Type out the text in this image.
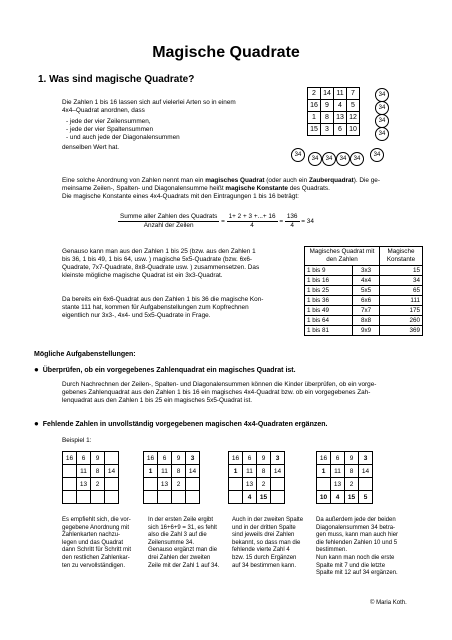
Magische Quadrate
1. Was sind magische Quadrate?
Die Zahlen 1 bis 16 lassen sich auf vielerlei Arten so in einem
4x4–Quadrat anordnen, dass
- jede der vier Zeilensummen,
- jede der vier Spaltensummen
- und auch jede der Diagonalensummen
denselben Wert hat.
2	14	11	7
16	9	4	5
1	8	13	12
15	3	6	10
34
34
34
34
34
34	34	34	34
34
Eine solche Anordnung von Zahlen nennt man ein magisches Quadrat (oder auch ein Zauberquadrat). Die ge-
meinsame Zeilen-, Spalten- und Diagonalensumme heißt magische Konstante des Quadrats.
Die magische Konstante eines 4x4-Quadrats mit den Eintragungen 1 bis 16 beträgt:
$\frac{\text{Summe aller Zahlen des Quadrats}}{\text{Anzahl der Zeilen}} = \frac{1+ 2 + 3 +...+ 16}{4} = \frac{136}{4} = 34$
Genauso kann man aus den Zahlen 1 bis 25 (bzw. aus den Zahlen 1
bis 36, 1 bis 49, 1 bis 64, usw. ) magische 5x5-Quadrate (bzw. 6x6-
Quadrate, 7x7-Quadrate, 8x8-Quadrate usw. ) zusammensetzen. Das
kleinste mögliche magische Quadrat ist ein 3x3-Quadrat.
Da bereits ein 6x6-Quadrat aus den Zahlen 1 bis 36 die magische Kon-
stante 111 hat, kommen für Aufgabenstellungen zum Kopfrechnen
eigentlich nur 3x3-, 4x4- und 5x5-Quadrate in Frage.
Magisches Quadrat mit den Zahlen		Magische Konstante
1 bis 9	3x3	15
1 bis 16	4x4	34
1 bis 25	5x5	65
1 bis 36	6x6	111
1 bis 49	7x7	175
1 bis 64	8x8	260
1 bis 81	9x9	369
Mögliche Aufgabenstellungen:
● Überprüfen, ob ein vorgegebenes Zahlenquadrat ein magisches Quadrat ist.
Durch Nachrechnen der Zeilen-, Spalten- und Diagonalensummen können die Kinder überprüfen, ob ein vorge-
gebenes Zahlenquadrat aus den Zahlen 1 bis 16 ein magisches 4x4-Quadrat bzw. ob ein vorgegebenes Zah-
lenquadrat aus den Zahlen 1 bis 25 ein magisches 5x5-Quadrat ist.
● Fehlende Zahlen in unvollständig vorgegebenen magischen 4x4-Quadraten ergänzen.
Beispiel 1:
16	6	9	
	11	8	14
	13	2	

16	6	9	3
1	11	8	14
	13	2	

16	6	9	3
1	11	8	14
	13	2	
	4	15	
16	6	9	3
1	11	8	14
	13	2	
10	4	15	5
Es empfiehlt sich, die vor-
gegebene Anordnung mit
Zahlenkarten nachzu-
legen und das Quadrat
dann Schritt für Schritt mit
den restlichen Zahlenkar-
ten zu vervollständigen.
In der ersten Zeile ergibt
sich 16+6+9 = 31, es fehlt
also die Zahl 3 auf die
Zeilensumme 34.
Genauso ergänzt man die
drei Zahlen der zweiten
Zeile mit der Zahl 1 auf 34.
Auch in der zweiten Spalte
und in der dritten Spalte
sind jeweils drei Zahlen
bekannt, so dass man die
fehlende vierte Zahl 4
bzw. 15 durch Ergänzen
auf 34 bestimmen kann.
Da außerdem jede der beiden
Diagonalensummen 34 betra-
gen muss, kann man auch hier
die fehlenden Zahlen 10 und 5
bestimmen.
Nun kann man noch die erste
Spalte mit 7 und die letzte
Spalte mit 12 auf 34 ergänzen.
© Maria Koth.
